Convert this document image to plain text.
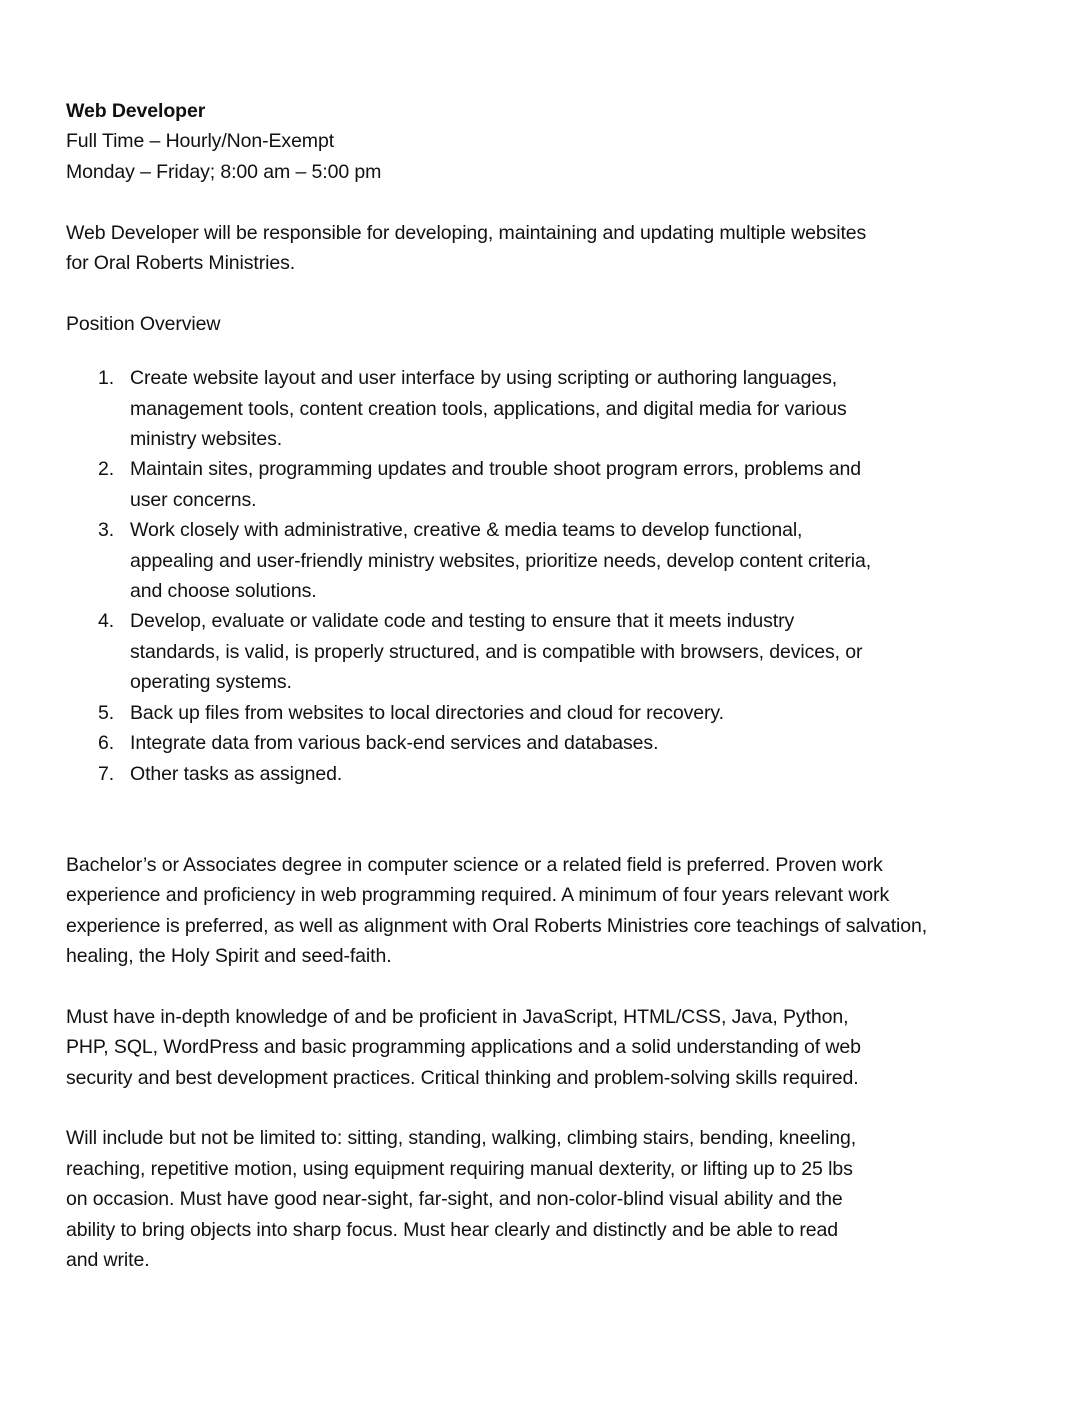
Web Developer
Full Time – Hourly/Non-Exempt
Monday – Friday; 8:00 am – 5:00 pm
Web Developer will be responsible for developing, maintaining and updating multiple websites
for Oral Roberts Ministries.
Position Overview
1. Create website layout and user interface by using scripting or authoring languages,
management tools, content creation tools, applications, and digital media for various
ministry websites.
2. Maintain sites, programming updates and trouble shoot program errors, problems and
user concerns.
3. Work closely with administrative, creative & media teams to develop functional,
appealing and user-friendly ministry websites, prioritize needs, develop content criteria,
and choose solutions.
4. Develop, evaluate or validate code and testing to ensure that it meets industry
standards, is valid, is properly structured, and is compatible with browsers, devices, or
operating systems.
5. Back up files from websites to local directories and cloud for recovery.
6. Integrate data from various back-end services and databases.
7. Other tasks as assigned.
Bachelor’s or Associates degree in computer science or a related field is preferred. Proven work
experience and proficiency in web programming required. A minimum of four years relevant work
experience is preferred, as well as alignment with Oral Roberts Ministries core teachings of salvation,
healing, the Holy Spirit and seed-faith.
Must have in-depth knowledge of and be proficient in JavaScript, HTML/CSS, Java, Python,
PHP, SQL, WordPress and basic programming applications and a solid understanding of web
security and best development practices. Critical thinking and problem-solving skills required.
Will include but not be limited to: sitting, standing, walking, climbing stairs, bending, kneeling,
reaching, repetitive motion, using equipment requiring manual dexterity, or lifting up to 25 lbs
on occasion. Must have good near-sight, far-sight, and non-color-blind visual ability and the
ability to bring objects into sharp focus. Must hear clearly and distinctly and be able to read
and write.
